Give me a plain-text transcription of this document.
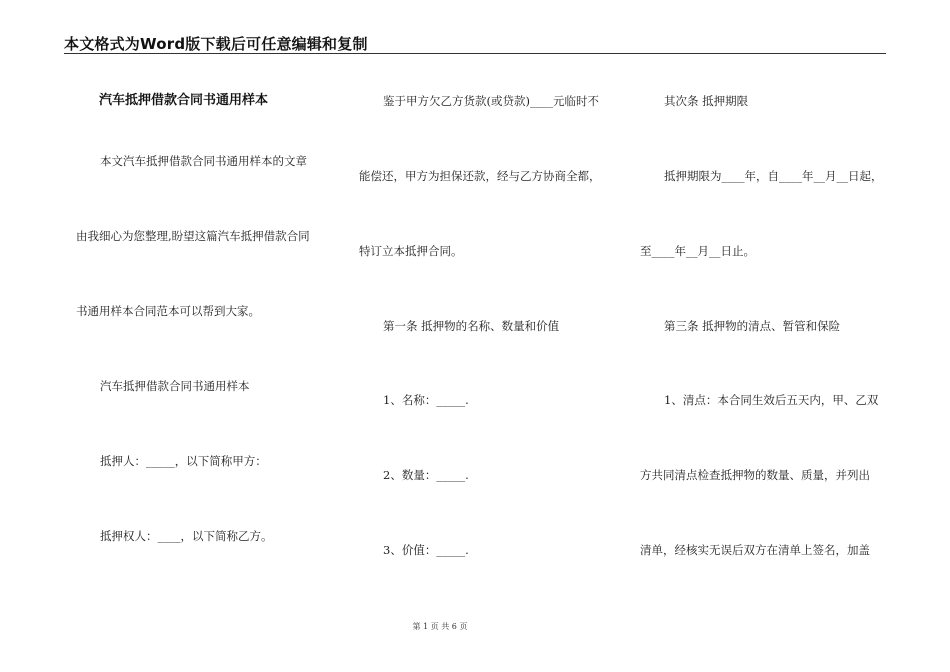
本文格式为Word版下载后可任意编辑和复制
汽车抵押借款合同书通用样本
本文汽车抵押借款合同书通用样本的文章
由我细心为您整理,盼望这篇汽车抵押借款合同
书通用样本合同范本可以帮到大家。
汽车抵押借款合同书通用样本
抵押人：_____，以下简称甲方：
抵押权人：____，以下简称乙方。
鉴于甲方欠乙方货款(或贷款)____元临时不
能偿还，甲方为担保还款，经与乙方协商全都，
特订立本抵押合同。
第一条 抵押物的名称、数量和价值
1、名称：_____.
2、数量：_____.
3、价值：_____.
其次条 抵押期限
抵押期限为____年，自____年__月__日起，
至____年__月__日止。
第三条 抵押物的清点、暂管和保险
1、清点：本合同生效后五天内，甲、乙双
方共同清点检查抵押物的数量、质量，并列出
清单，经核实无误后双方在清单上签名，加盖
第 1 页 共 6 页
